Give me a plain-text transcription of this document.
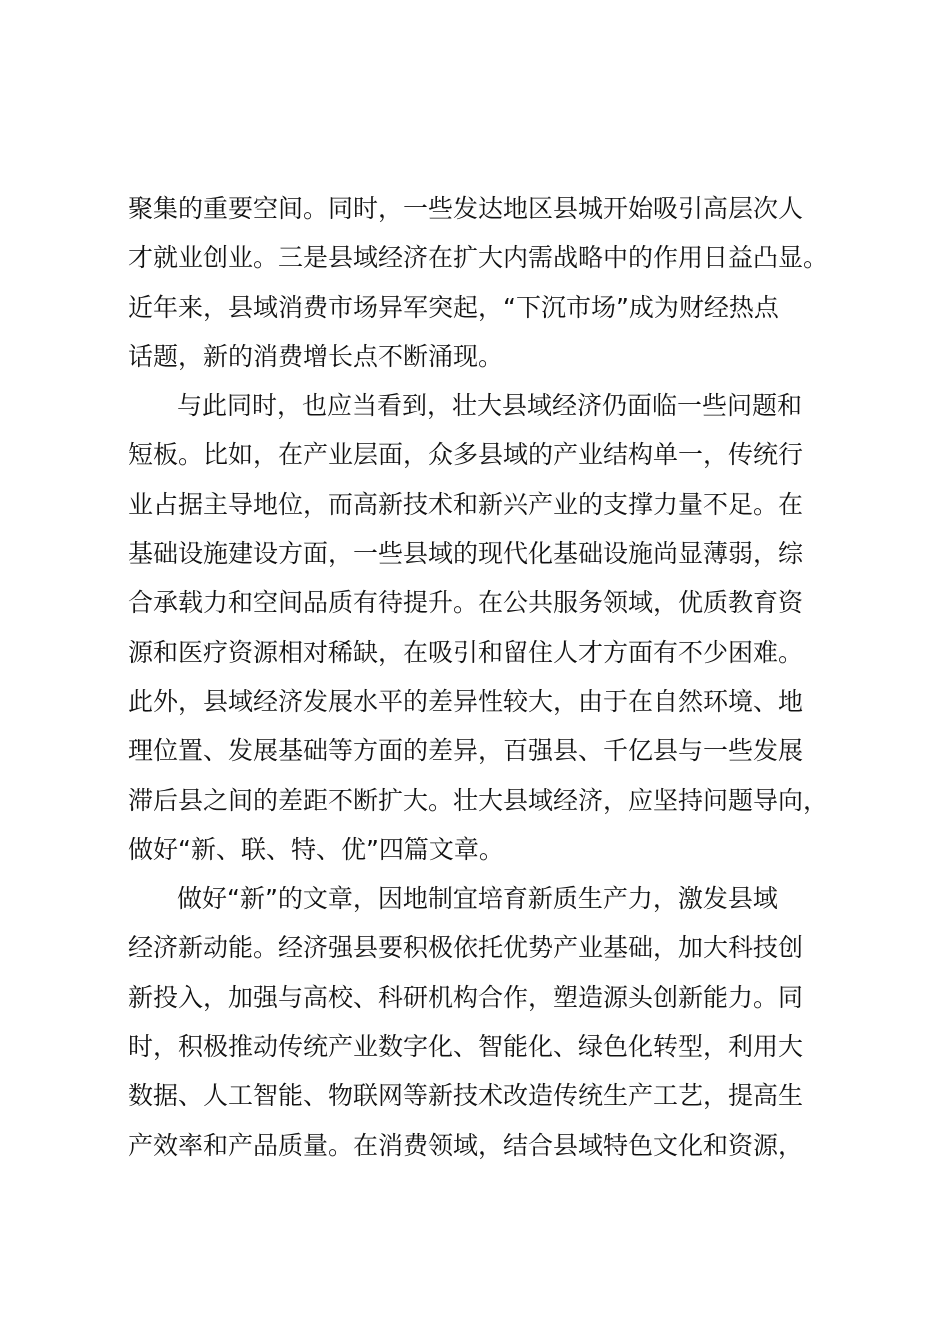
聚集的重要空间。同时，一些发达地区县城开始吸引高层次人
才就业创业。三是县域经济在扩大内需战略中的作用日益凸显。
近年来，县域消费市场异军突起，“下沉市场”成为财经热点
话题，新的消费增长点不断涌现。
与此同时，也应当看到，壮大县域经济仍面临一些问题和
短板。比如，在产业层面，众多县域的产业结构单一，传统行
业占据主导地位，而高新技术和新兴产业的支撑力量不足。在
基础设施建设方面，一些县域的现代化基础设施尚显薄弱，综
合承载力和空间品质有待提升。在公共服务领域，优质教育资
源和医疗资源相对稀缺，在吸引和留住人才方面有不少困难。
此外，县域经济发展水平的差异性较大，由于在自然环境、地
理位置、发展基础等方面的差异，百强县、千亿县与一些发展
滞后县之间的差距不断扩大。壮大县域经济，应坚持问题导向，
做好“新、联、特、优”四篇文章。
做好“新”的文章，因地制宜培育新质生产力，激发县域
经济新动能。经济强县要积极依托优势产业基础，加大科技创
新投入，加强与高校、科研机构合作，塑造源头创新能力。同
时，积极推动传统产业数字化、智能化、绿色化转型，利用大
数据、人工智能、物联网等新技术改造传统生产工艺，提高生
产效率和产品质量。在消费领域，结合县域特色文化和资源，
